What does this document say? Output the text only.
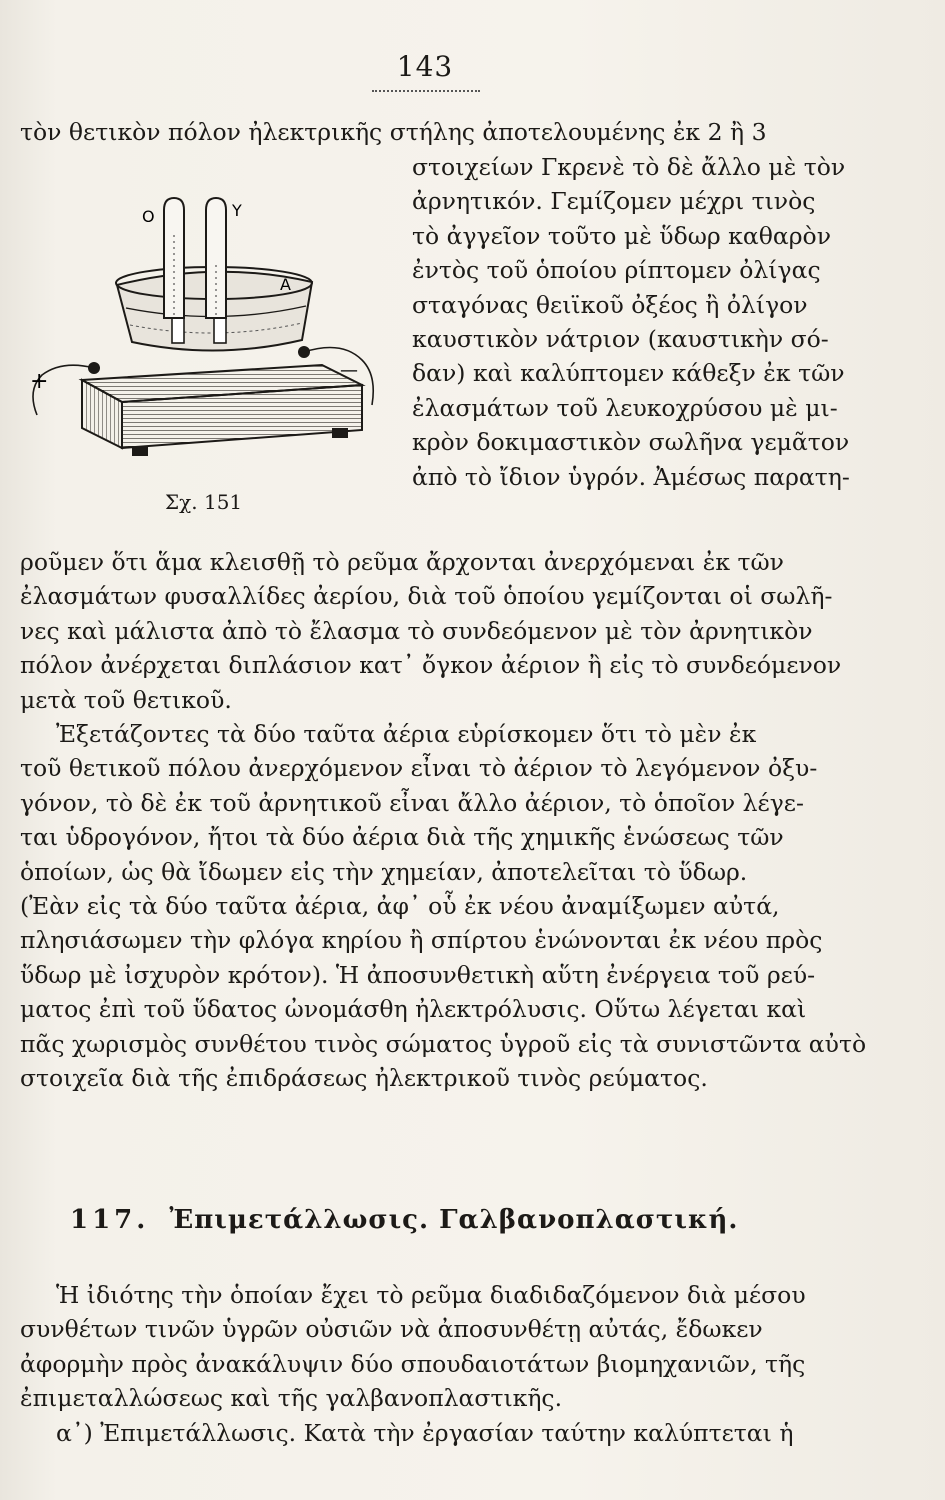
143
τὸν θετικὸν πόλον ἠλεκτρικῆς στήλης ἀποτελουμένης ἐκ 2 ἢ 3
O	Y
A
+	—
Σχ. 151

στοιχείων Γκρενὲ τὸ δὲ ἄλλο μὲ τὸν

ἀρνητικόν. Γεμίζομεν μέχρι τινὸς

τὸ ἀγγεῖον τοῦτο μὲ ὕδωρ καθαρὸν

ἐντὸς τοῦ ὁποίου ρίπτομεν ὀλίγας

σταγόνας θειϊκοῦ ὀξέος ἢ ὀλίγον

καυστικὸν νάτριον (καυστικὴν σό-

δαν) καὶ καλύπτομεν κάθεξν ἐκ τῶν

ἐλασμάτων τοῦ λευκοχρύσου μὲ μι-

κρὸν δοκιμαστικὸν σωλῆνα γεμᾶτον

ἀπὸ τὸ ἴδιον ὑγρόν. Ἀμέσως παρατη-

ροῦμεν ὅτι ἅμα κλεισθῇ τὸ ρεῦμα ἄρχονται ἀνερχόμεναι ἐκ τῶν

ἐλασμάτων φυσαλλίδες ἀερίου, διὰ τοῦ ὁποίου γεμίζονται οἱ σωλῆ-

νες καὶ μάλιστα ἀπὸ τὸ ἔλασμα τὸ συνδεόμενον μὲ τὸν ἀρνητικὸν

πόλον ἀνέρχεται διπλάσιον κατ᾽ ὄγκον ἀέριον ἢ εἰς τὸ συνδεόμενον

μετὰ τοῦ θετικοῦ.

Ἐξετάζοντες τὰ δύο ταῦτα ἀέρια εὑρίσκομεν ὅτι τὸ μὲν ἐκ

τοῦ θετικοῦ πόλου ἀνερχόμενον εἶναι τὸ ἀέριον τὸ λεγόμενον ὀξυ-

γόνον, τὸ δὲ ἐκ τοῦ ἀρνητικοῦ εἶναι ἄλλο ἀέριον, τὸ ὁποῖον λέγε-

ται ὑδρογόνον, ἤτοι τὰ δύο ἀέρια διὰ τῆς χημικῆς ἑνώσεως τῶν

ὁποίων, ὡς θὰ ἴδωμεν εἰς τὴν χημείαν, ἀποτελεῖται τὸ ὕδωρ.

(Ἐὰν εἰς τὰ δύο ταῦτα ἀέρια, ἀφ᾽ οὗ ἐκ νέου ἀναμίξωμεν αὐτά,

πλησιάσωμεν τὴν φλόγα κηρίου ἢ σπίρτου ἑνώνονται ἐκ νέου πρὸς

ὕδωρ μὲ ἰσχυρὸν κρότον). Ἡ ἀποσυνθετικὴ αὕτη ἐνέργεια τοῦ ρεύ-

ματος ἐπὶ τοῦ ὕδατος ὠνομάσθη ἠλεκτρόλυσις. Οὕτω λέγεται καὶ

πᾶς χωρισμὸς συνθέτου τινὸς σώματος ὑγροῦ εἰς τὰ συνιστῶντα αὐτὸ

στοιχεῖα διὰ τῆς ἐπιδράσεως ἠλεκτρικοῦ τινὸς ρεύματος.

117. Ἐπιμετάλλωσις. Γαλβανοπλαστική.

Ἡ ἰδιότης τὴν ὁποίαν ἔχει τὸ ρεῦμα διαδιδαζόμενον διὰ μέσου

συνθέτων τινῶν ὑγρῶν οὐσιῶν νὰ ἀποσυνθέτῃ αὐτάς, ἔδωκεν

ἀφορμὴν πρὸς ἀνακάλυψιν δύο σπουδαιοτάτων βιομηχανιῶν, τῆς

ἐπιμεταλλώσεως καὶ τῆς γαλβανοπλαστικῆς.

α᾽) Ἐπιμετάλλωσις. Κατὰ τὴν ἐργασίαν ταύτην καλύπτεται ἡ
